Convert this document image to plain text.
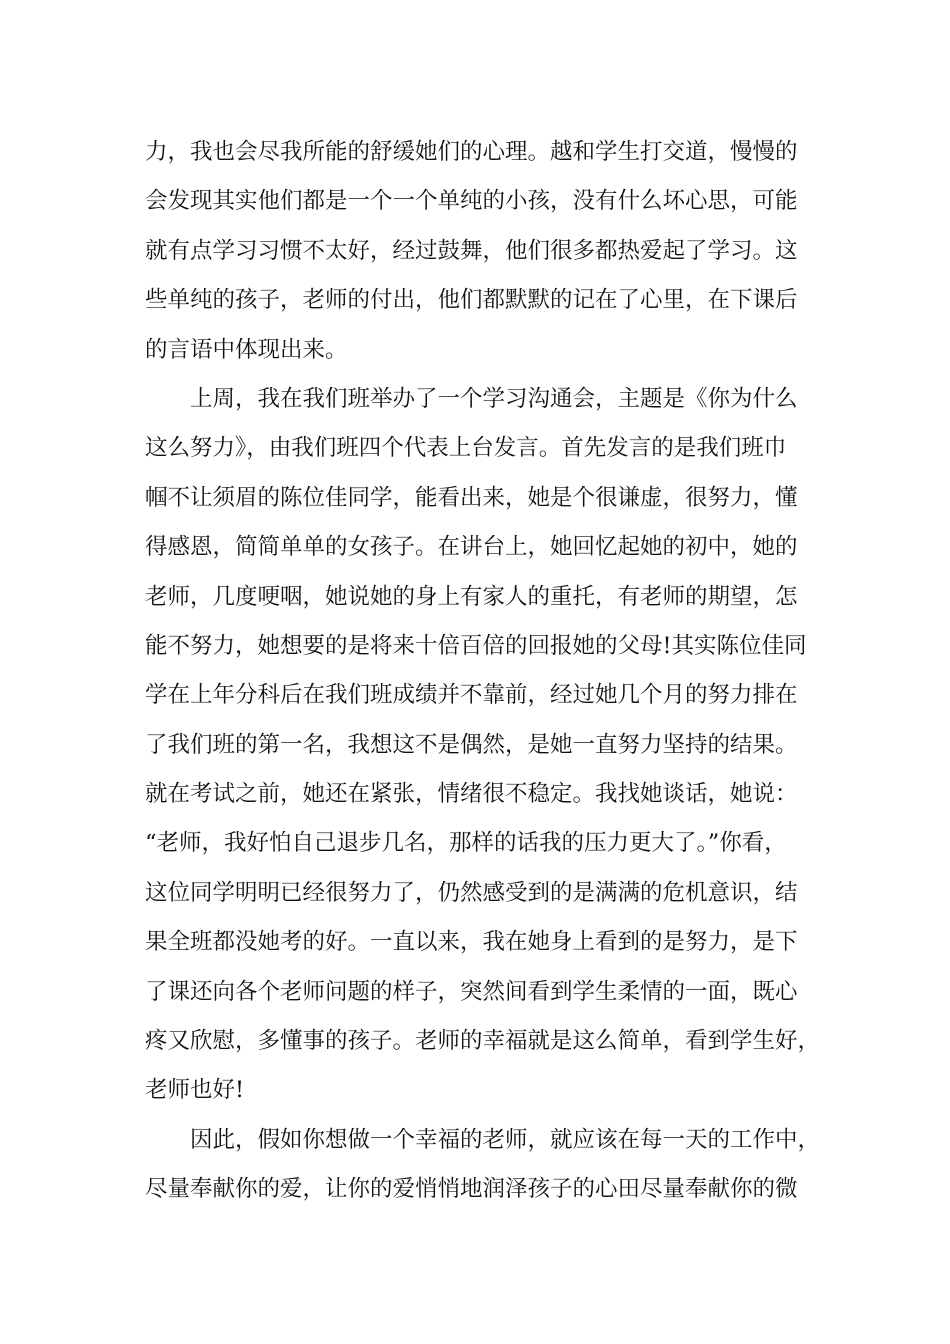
力，我也会尽我所能的舒缓她们的心理。越和学生打交道，慢慢的
会发现其实他们都是一个一个单纯的小孩，没有什么坏心思，可能
就有点学习习惯不太好，经过鼓舞，他们很多都热爱起了学习。这
些单纯的孩子，老师的付出，他们都默默的记在了心里，在下课后
的言语中体现出来。
上周，我在我们班举办了一个学习沟通会，主题是《你为什么
这么努力》，由我们班四个代表上台发言。首先发言的是我们班巾
帼不让须眉的陈位佳同学，能看出来，她是个很谦虚，很努力，懂
得感恩，简简单单的女孩子。在讲台上，她回忆起她的初中，她的
老师，几度哽咽，她说她的身上有家人的重托，有老师的期望，怎
能不努力，她想要的是将来十倍百倍的回报她的父母!其实陈位佳同
学在上年分科后在我们班成绩并不靠前，经过她几个月的努力排在
了我们班的第一名，我想这不是偶然，是她一直努力坚持的结果。
就在考试之前，她还在紧张，情绪很不稳定。我找她谈话，她说：
“老师，我好怕自己退步几名，那样的话我的压力更大了。”你看，
这位同学明明已经很努力了，仍然感受到的是满满的危机意识，结
果全班都没她考的好。一直以来，我在她身上看到的是努力，是下
了课还向各个老师问题的样子，突然间看到学生柔情的一面，既心
疼又欣慰，多懂事的孩子。老师的幸福就是这么简单，看到学生好，
老师也好!
因此，假如你想做一个幸福的老师，就应该在每一天的工作中，
尽量奉献你的爱，让你的爱悄悄地润泽孩子的心田尽量奉献你的微
